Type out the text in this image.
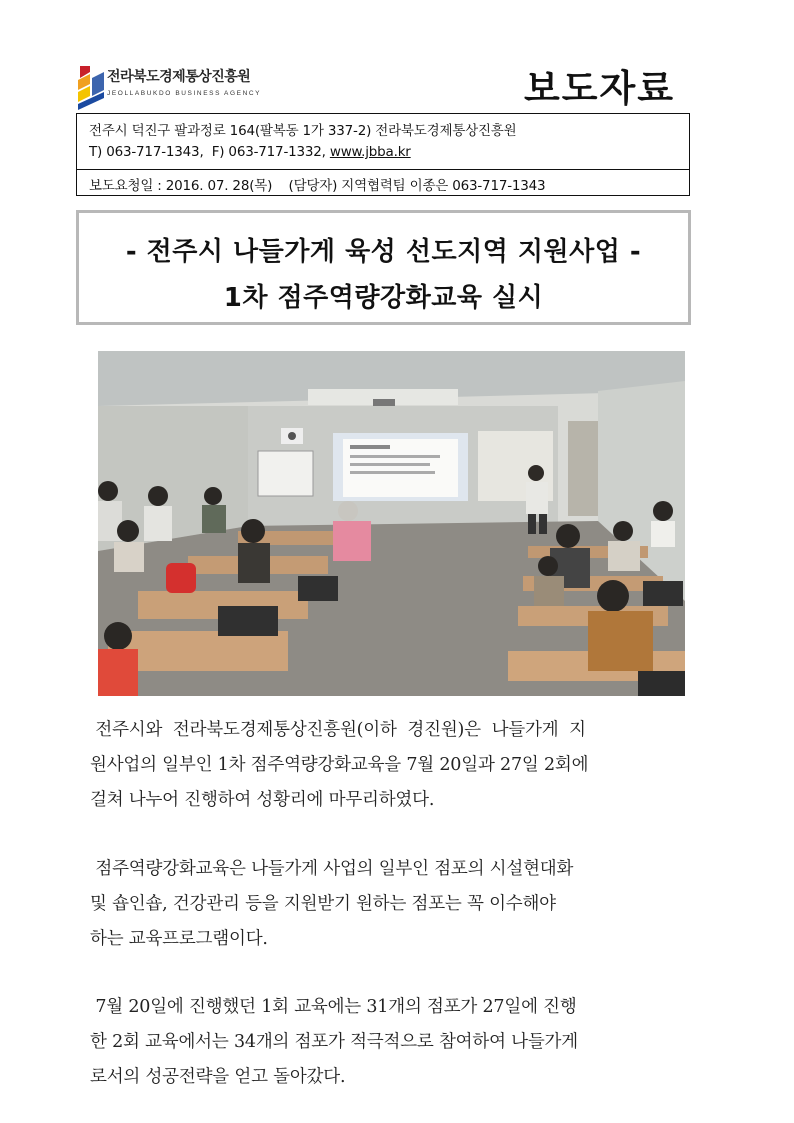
전라북도경제통상진흥원
JEOLLABUKDO BUSINESS AGENCY	보도자료
전주시 덕진구 팔과정로 164(팔복동 1가 337-2) 전라북도경제통상진흥원
T) 063-717-1343,  F) 063-717-1332, www.jbba.kr
보도요청일 : 2016. 07. 28(목)    (담당자) 지역협력팀 이종은 063-717-1343
- 전주시 나들가게 육성 선도지역 지원사업 -
1차 점주역량강화교육 실시
전주시와  전라북도경제통상진흥원(이하  경진원)은  나들가게  지
원사업의 일부인 1차 점주역량강화교육을 7월 20일과 27일 2회에
걸쳐 나누어 진행하여 성황리에 마무리하였다.
점주역량강화교육은 나들가게 사업의 일부인 점포의 시설현대화
및 숍인숍, 건강관리 등을 지원받기 원하는 점포는 꼭 이수해야
하는 교육프로그램이다.
7월 20일에 진행했던 1회 교육에는 31개의 점포가 27일에 진행
한 2회 교육에서는 34개의 점포가 적극적으로 참여하여 나들가게
로서의 성공전략을 얻고 돌아갔다.
